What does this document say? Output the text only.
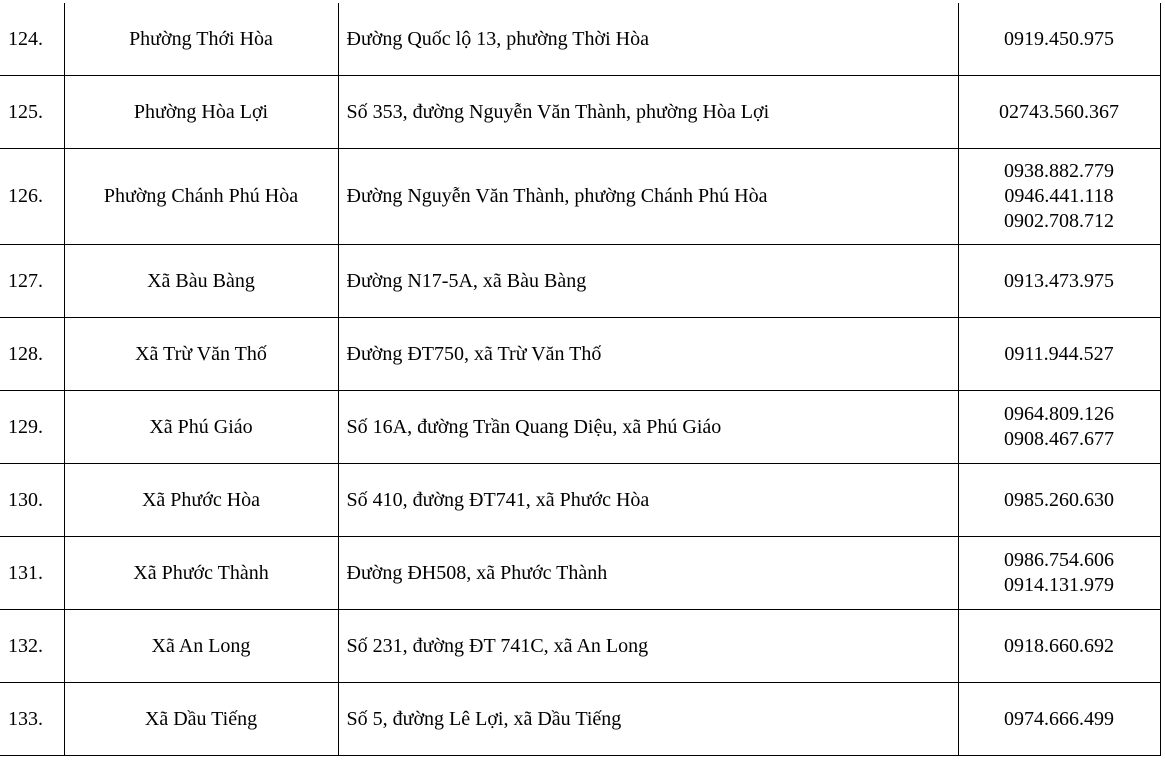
124.	Phường Thới Hòa	Đường Quốc lộ 13, phường Thời Hòa	0919.450.975

125.	Phường Hòa Lợi	Số 353, đường Nguyễn Văn Thành, phường Hòa Lợi	02743.560.367

126.	Phường Chánh Phú Hòa	Đường Nguyễn Văn Thành, phường Chánh Phú Hòa	0938.882.779
0946.441.118
0902.708.712

127.	Xã Bàu Bàng	Đường N17-5A, xã Bàu Bàng	0913.473.975

128.	Xã Trừ Văn Thố	Đường ĐT750, xã Trừ Văn Thố	0911.944.527

129.	Xã Phú Giáo	Số 16A, đường Trần Quang Diệu, xã Phú Giáo	0964.809.126
0908.467.677

130.	Xã Phước Hòa	Số 410, đường ĐT741, xã Phước Hòa	0985.260.630

131.	Xã Phước Thành	Đường ĐH508, xã Phước Thành	0986.754.606
0914.131.979

132.	Xã An Long	Số 231, đường ĐT 741C, xã An Long	0918.660.692

133.	Xã Dầu Tiếng	Số 5, đường Lê Lợi, xã Dầu Tiếng	0974.666.499
